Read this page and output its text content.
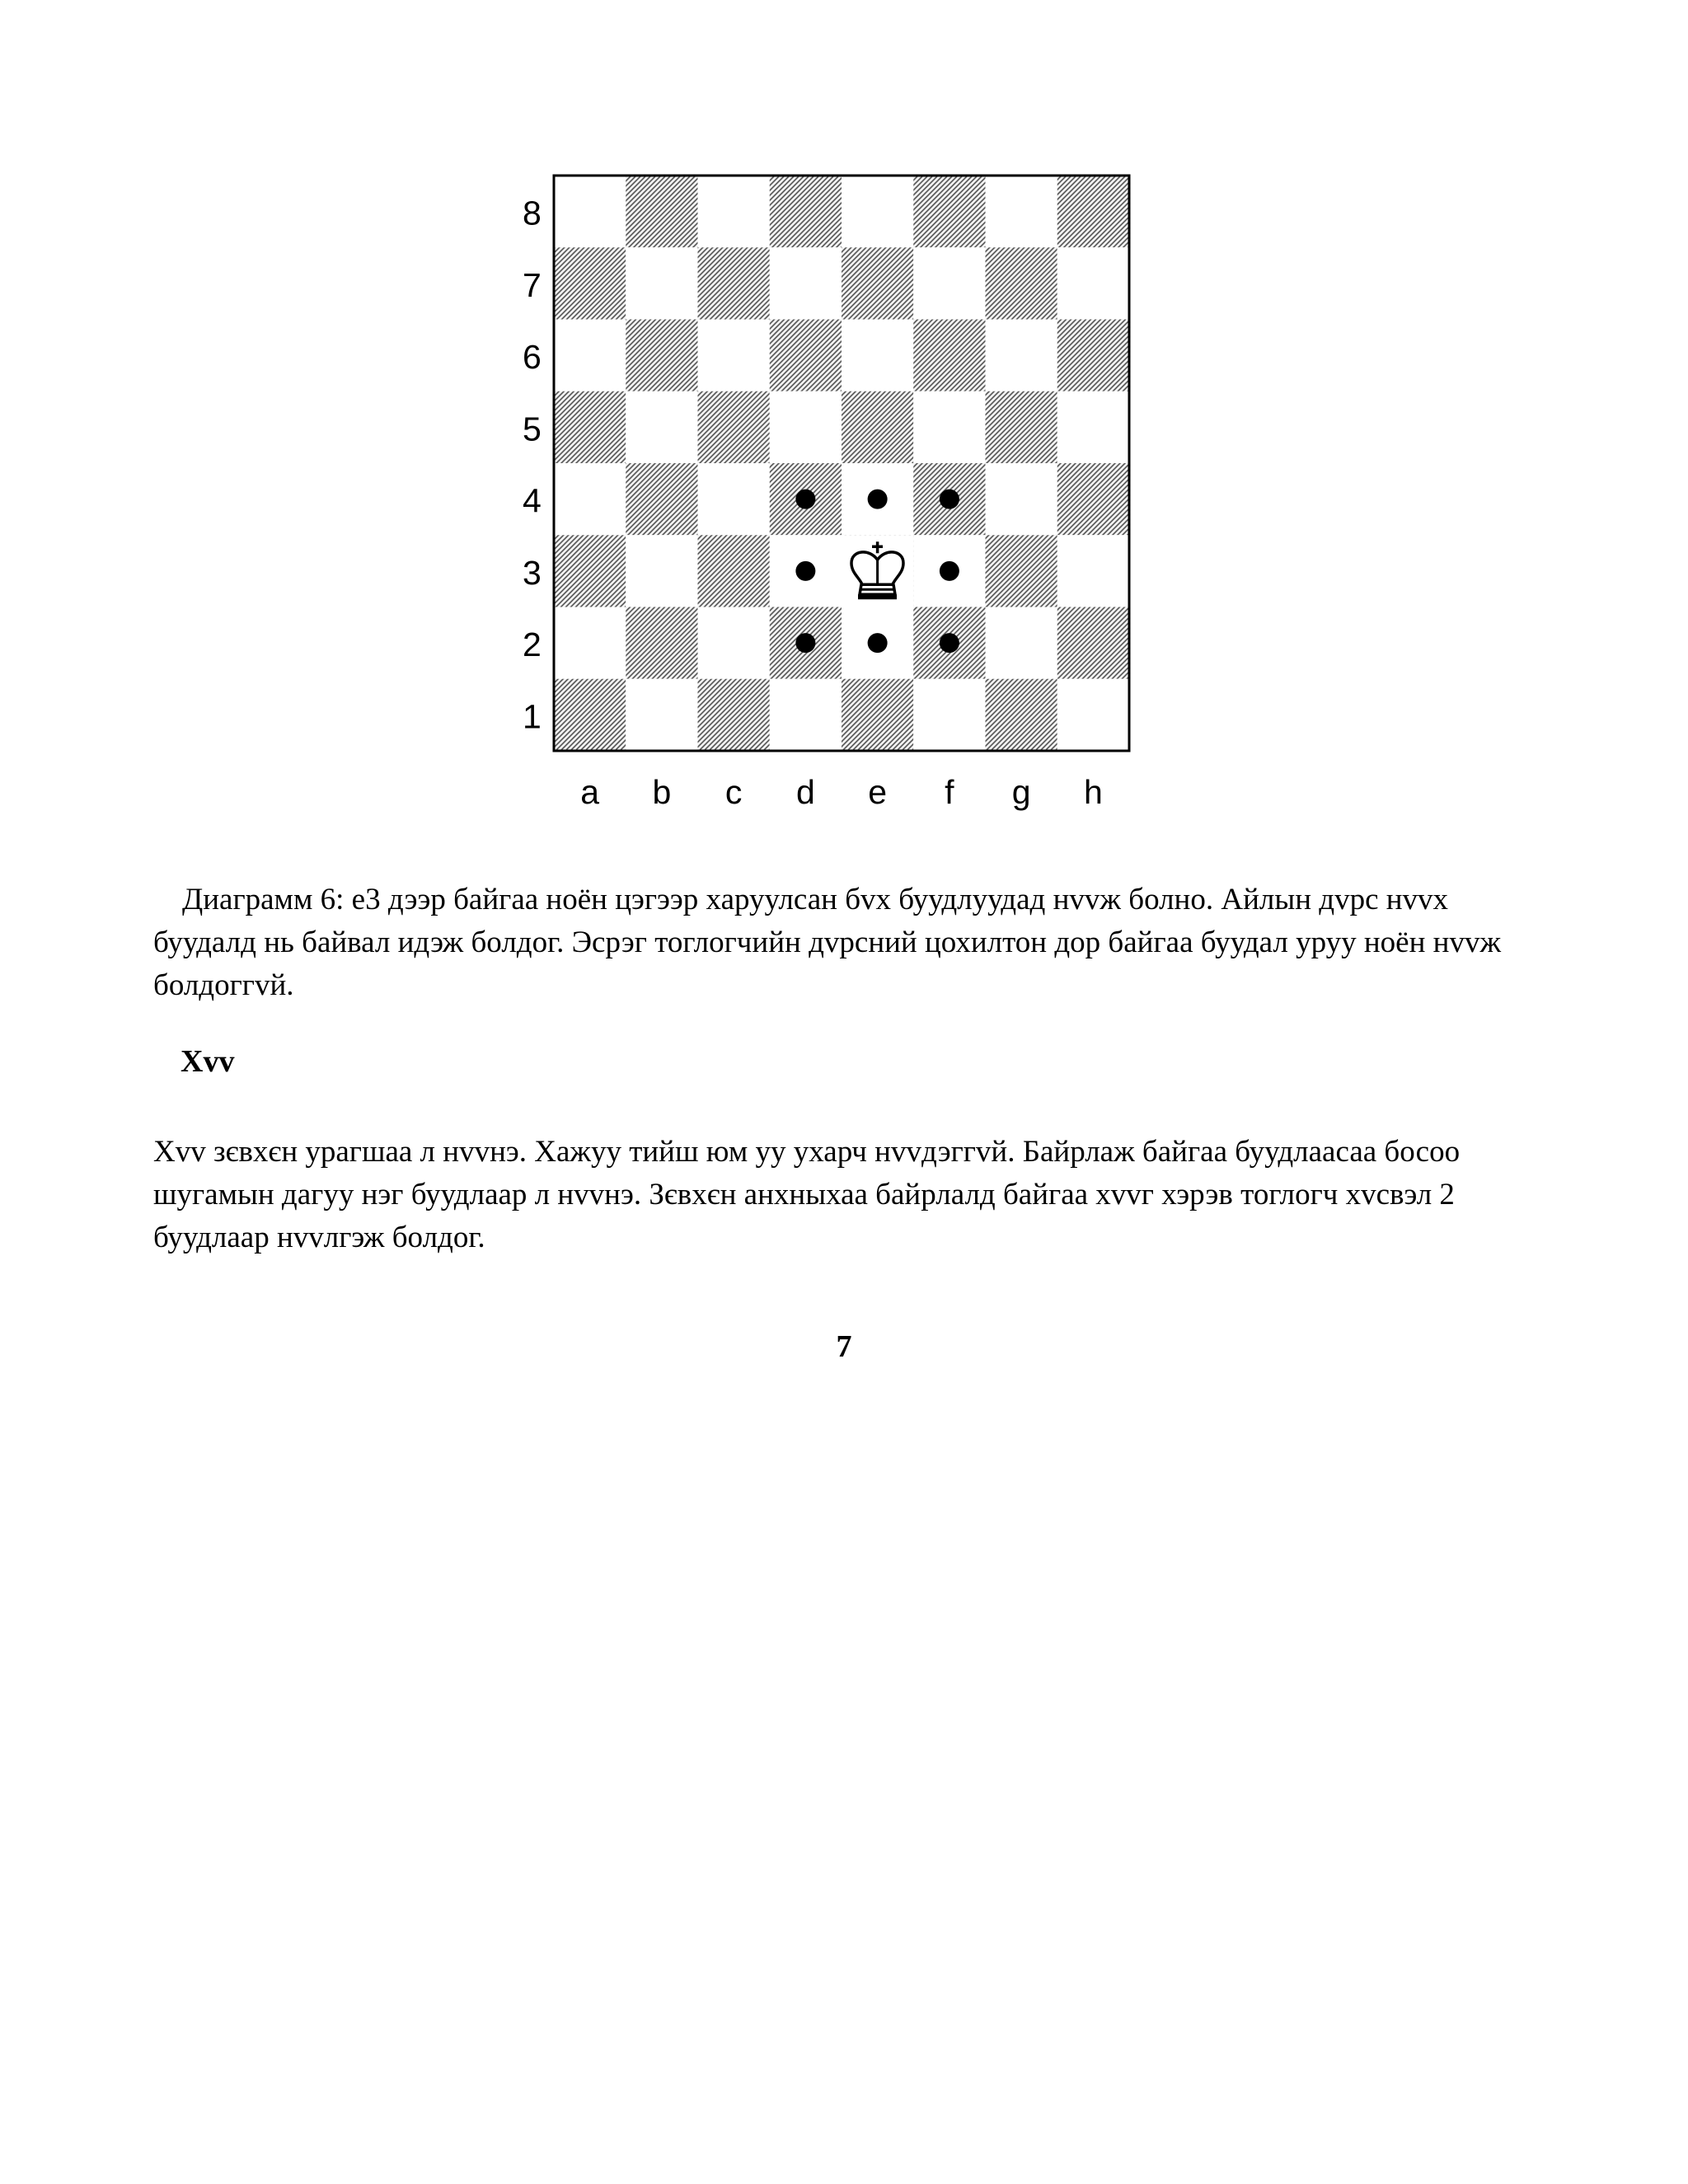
8
7
6
5
4
3
2
1
a b c d e f g h

Диаграмм 6: е3 дээр байгаа ноён цэгээр харуулсан бvх буудлуудад нvvж болно. Айлын дvрс нvvх буудалд нь байвал идэж болдог. Эсрэг тоглогчийн дvрсний цохилтон дор байгаа буудал уруу ноён нvvж болдоггvй.

Хvv

Хvv зєвхєн урагшаа л нvvнэ. Хажуу тийш юм уу ухарч нvvдэггvй. Байрлаж байгаа буудлаасаа босоо шугамын дагуу нэг буудлаар л нvvнэ. Зєвхєн анхныхаа байрлалд байгаа хvvг хэрэв тоглогч хvсвэл 2 буудлаар нvvлгэж болдог.

7
